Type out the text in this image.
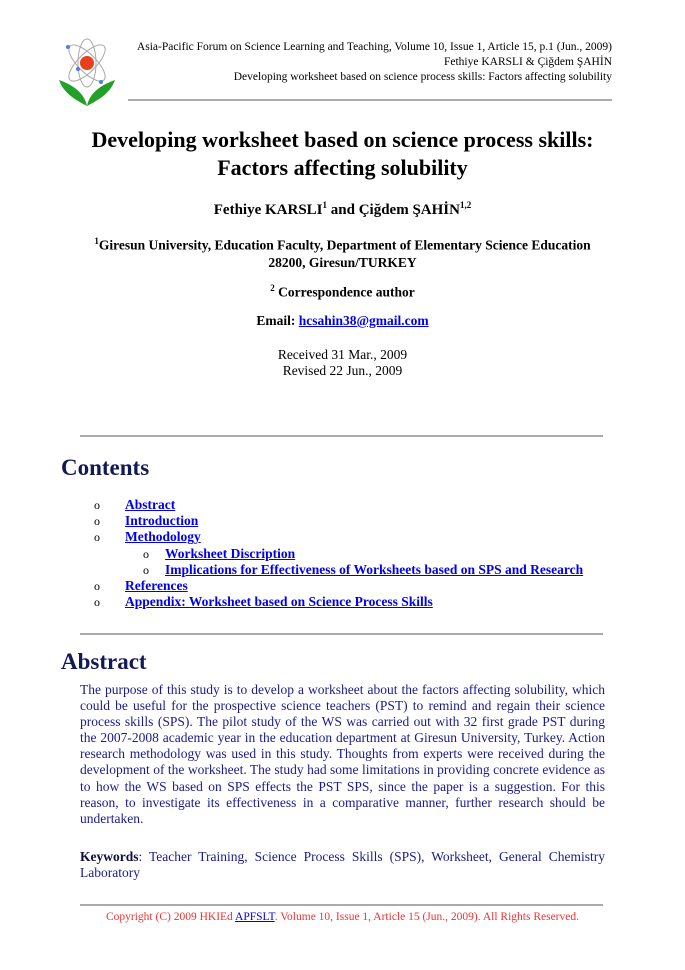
Asia-Pacific Forum on Science Learning and Teaching, Volume 10, Issue 1, Article 15, p.1 (Jun., 2009)
Fethiye KARSLI & Çiğdem ŞAHİN
Developing worksheet based on science process skills: Factors affecting solubility
Developing worksheet based on science process skills:
Factors affecting solubility
Fethiye KARSLI$^1$ and Çiğdem ŞAHİN$^{1,2}$
$^1$Giresun University, Education Faculty, Department of Elementary Science Education
28200, Giresun/TURKEY
$^2$ Correspondence author
Email: hcsahin38@gmail.com
Received 31 Mar., 2009
Revised 22 Jun., 2009
Contents
o Abstract
o Introduction
o Methodology
o Worksheet Discription
o Implications for Effectiveness of Worksheets based on SPS and Research
o References
o Appendix: Worksheet based on Science Process Skills
Abstract
The purpose of this study is to develop a worksheet about the factors affecting solubility, which could be useful for the prospective science teachers (PST) to remind and regain their science process skills (SPS). The pilot study of the WS was carried out with 32 first grade PST during the 2007-2008 academic year in the education department at Giresun University, Turkey. Action research methodology was used in this study. Thoughts from experts were received during the development of the worksheet. The study had some limitations in providing concrete evidence as to how the WS based on SPS effects the PST SPS, since the paper is a suggestion. For this reason, to investigate its effectiveness in a comparative manner, further research should be undertaken.
Keywords: Teacher Training, Science Process Skills (SPS), Worksheet, General Chemistry Laboratory
Copyright (C) 2009 HKIEd APFSLT. Volume 10, Issue 1, Article 15 (Jun., 2009). All Rights Reserved.
